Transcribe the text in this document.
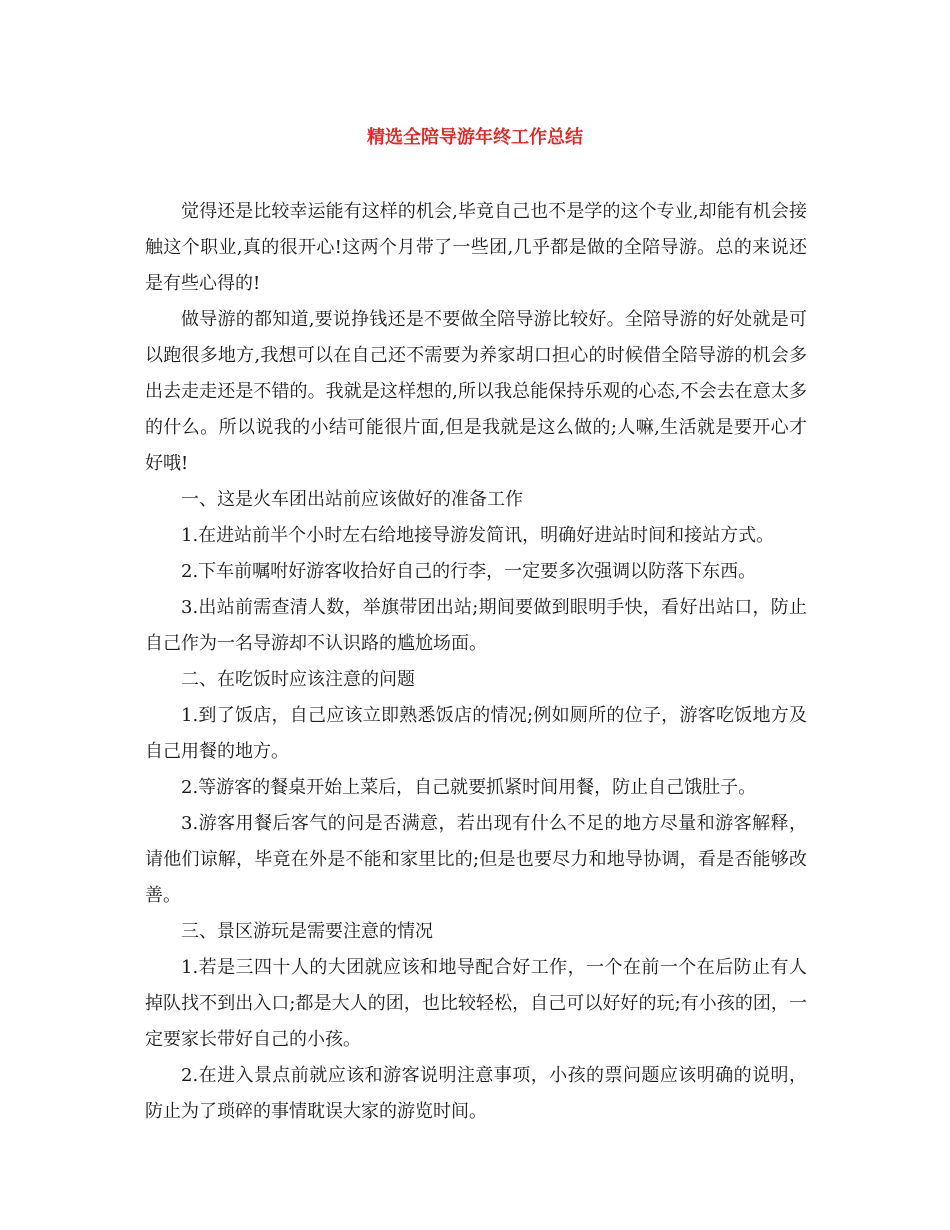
精选全陪导游年终工作总结

觉得还是比较幸运能有这样的机会,毕竟自己也不是学的这个专业,却能有机会接触这个职业,真的很开心!这两个月带了一些团,几乎都是做的全陪导游。总的来说还是有些心得的!

做导游的都知道,要说挣钱还是不要做全陪导游比较好。全陪导游的好处就是可以跑很多地方,我想可以在自己还不需要为养家胡口担心的时候借全陪导游的机会多出去走走还是不错的。我就是这样想的,所以我总能保持乐观的心态,不会去在意太多的什么。所以说我的小结可能很片面,但是我就是这么做的;人嘛,生活就是要开心才好哦!

一、这是火车团出站前应该做好的准备工作

1.在进站前半个小时左右给地接导游发简讯，明确好进站时间和接站方式。

2.下车前嘱咐好游客收拾好自己的行李，一定要多次强调以防落下东西。

3.出站前需查清人数，举旗带团出站;期间要做到眼明手快，看好出站口，防止自己作为一名导游却不认识路的尴尬场面。

二、在吃饭时应该注意的问题

1.到了饭店，自己应该立即熟悉饭店的情况;例如厕所的位子，游客吃饭地方及自己用餐的地方。

2.等游客的餐桌开始上菜后，自己就要抓紧时间用餐，防止自己饿肚子。

3.游客用餐后客气的问是否满意，若出现有什么不足的地方尽量和游客解释，请他们谅解，毕竟在外是不能和家里比的;但是也要尽力和地导协调，看是否能够改善。

三、景区游玩是需要注意的情况

1.若是三四十人的大团就应该和地导配合好工作，一个在前一个在后防止有人掉队找不到出入口;都是大人的团，也比较轻松，自己可以好好的玩;有小孩的团，一定要家长带好自己的小孩。

2.在进入景点前就应该和游客说明注意事项，小孩的票问题应该明确的说明，防止为了琐碎的事情耽误大家的游览时间。
